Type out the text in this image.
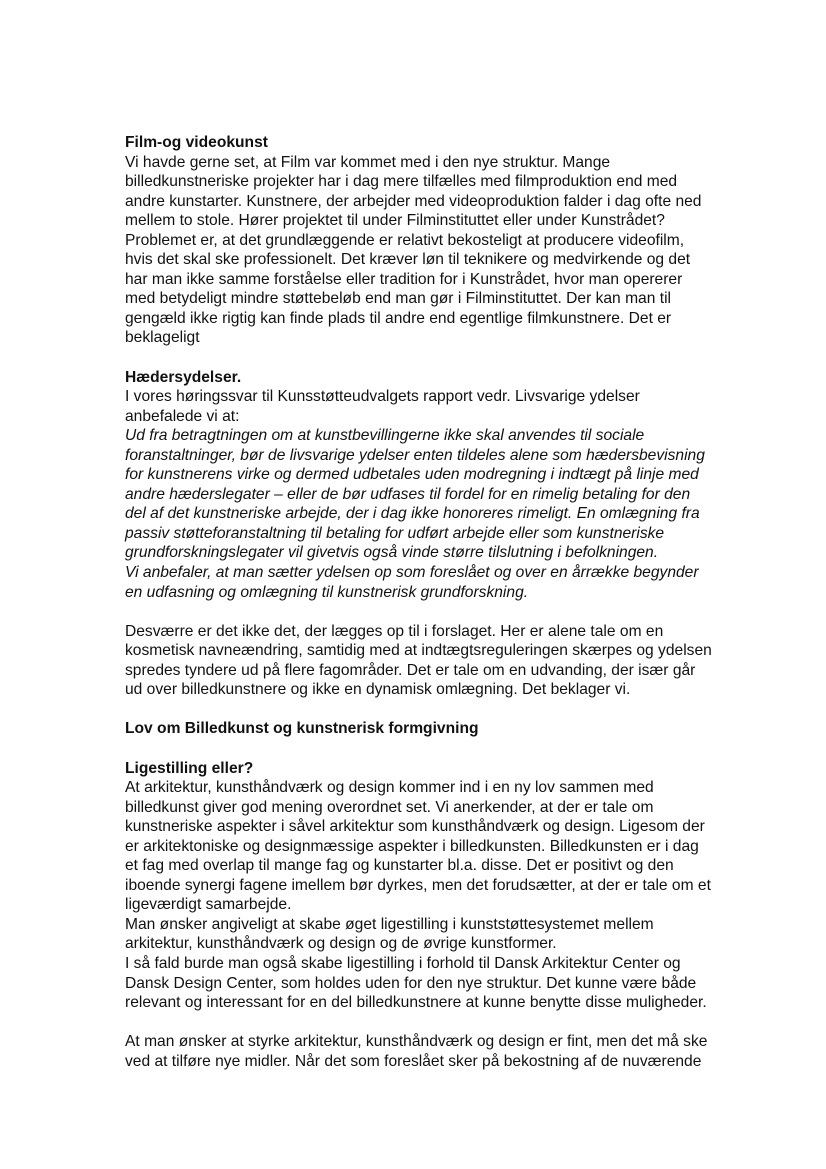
Film-og videokunst
Vi havde gerne set, at Film var kommet med i den nye struktur. Mange
billedkunstneriske projekter har i dag mere tilfælles med filmproduktion end med
andre kunstarter. Kunstnere, der arbejder med videoproduktion falder i dag ofte ned
mellem to stole. Hører projektet til under Filminstituttet eller under Kunstrådet?
Problemet er, at det grundlæggende er relativt bekosteligt at producere videofilm,
hvis det skal ske professionelt. Det kræver løn til teknikere og medvirkende og det
har man ikke samme forståelse eller tradition for i Kunstrådet, hvor man opererer
med betydeligt mindre støttebeløb end man gør i Filminstituttet. Der kan man til
gengæld ikke rigtig kan finde plads til andre end egentlige filmkunstnere. Det er
beklageligt
Hædersydelser.
I vores høringssvar til Kunsstøtteudvalgets rapport vedr. Livsvarige ydelser
anbefalede vi at:
Ud fra betragtningen om at kunstbevillingerne ikke skal anvendes til sociale
foranstaltninger, bør de livsvarige ydelser enten tildeles alene som hædersbevisning
for kunstnerens virke og dermed udbetales uden modregning i indtægt på linje med
andre hæderslegater – eller de bør udfases til fordel for en rimelig betaling for den
del af det kunstneriske arbejde, der i dag ikke honoreres rimeligt. En omlægning fra
passiv støtteforanstaltning til betaling for udført arbejde eller som kunstneriske
grundforskningslegater vil givetvis også vinde større tilslutning i befolkningen.
Vi anbefaler, at man sætter ydelsen op som foreslået og over en årrække begynder
en udfasning og omlægning til kunstnerisk grundforskning.
Desværre er det ikke det, der lægges op til i forslaget. Her er alene tale om en
kosmetisk navneændring, samtidig med at indtægtsreguleringen skærpes og ydelsen
spredes tyndere ud på flere fagområder. Det er tale om en udvanding, der især går
ud over billedkunstnere og ikke en dynamisk omlægning. Det beklager vi.
Lov om Billedkunst og kunstnerisk formgivning
Ligestilling eller?
At arkitektur, kunsthåndværk og design kommer ind i en ny lov sammen med
billedkunst giver god mening overordnet set. Vi anerkender, at der er tale om
kunstneriske aspekter i såvel arkitektur som kunsthåndværk og design. Ligesom der
er arkitektoniske og designmæssige aspekter i billedkunsten. Billedkunsten er i dag
et fag med overlap til mange fag og kunstarter bl.a. disse. Det er positivt og den
iboende synergi fagene imellem bør dyrkes, men det forudsætter, at der er tale om et
ligeværdigt samarbejde.
Man ønsker angiveligt at skabe øget ligestilling i kunststøttesystemet mellem
arkitektur, kunsthåndværk og design og de øvrige kunstformer.
I så fald burde man også skabe ligestilling i forhold til Dansk Arkitektur Center og
Dansk Design Center, som holdes uden for den nye struktur. Det kunne være både
relevant og interessant for en del billedkunstnere at kunne benytte disse muligheder.
At man ønsker at styrke arkitektur, kunsthåndværk og design er fint, men det må ske
ved at tilføre nye midler. Når det som foreslået sker på bekostning af de nuværende
